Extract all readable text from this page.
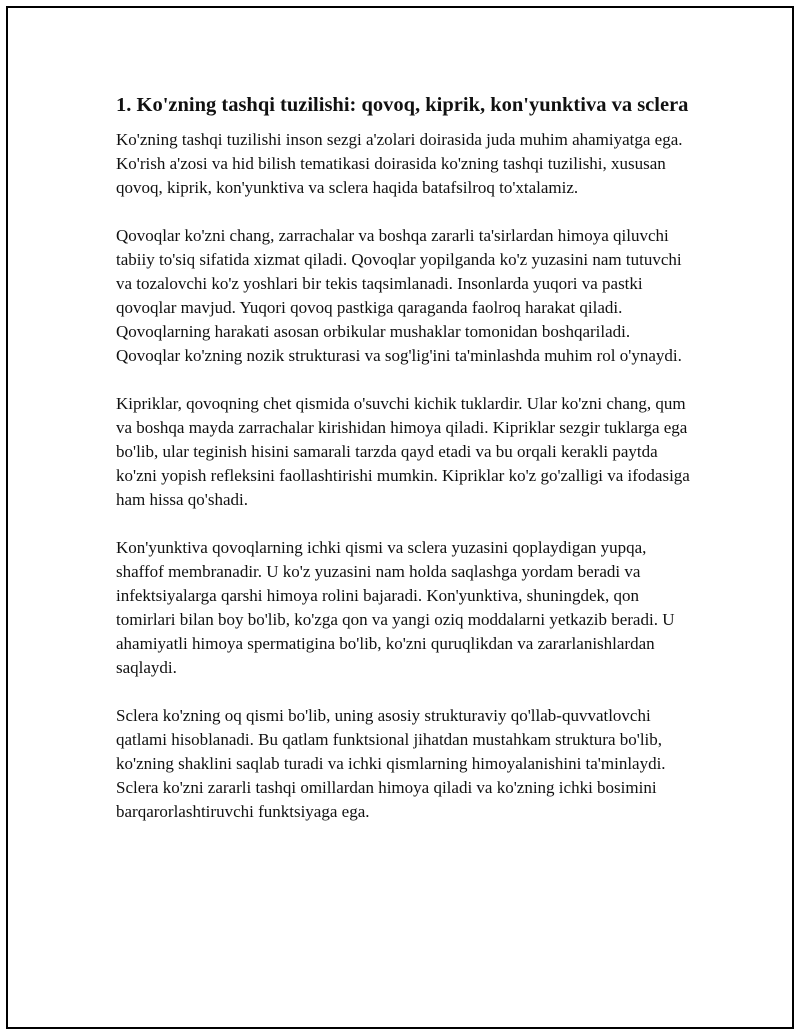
1. Ko'zning tashqi tuzilishi: qovoq, kiprik, kon'yunktiva va sclera

Ko'zning tashqi tuzilishi inson sezgi a'zolari doirasida juda muhim ahamiyatga ega. Ko'rish a'zosi va hid bilish tematikasi doirasida ko'zning tashqi tuzilishi, xususan qovoq, kiprik, kon'yunktiva va sclera haqida batafsilroq to'xtalamiz.

Qovoqlar ko'zni chang, zarrachalar va boshqa zararli ta'sirlardan himoya qiluvchi tabiiy to'siq sifatida xizmat qiladi. Qovoqlar yopilganda ko'z yuzasini nam tutuvchi va tozalovchi ko'z yoshlari bir tekis taqsimlanadi. Insonlarda yuqori va pastki qovoqlar mavjud. Yuqori qovoq pastkiga qaraganda faolroq harakat qiladi. Qovoqlarning harakati asosan orbikular mushaklar tomonidan boshqariladi. Qovoqlar ko'zning nozik strukturasi va sog'lig'ini ta'minlashda muhim rol o'ynaydi.

Kipriklar, qovoqning chet qismida o'suvchi kichik tuklardir. Ular ko'zni chang, qum va boshqa mayda zarrachalar kirishidan himoya qiladi. Kipriklar sezgir tuklarga ega bo'lib, ular teginish hisini samarali tarzda qayd etadi va bu orqali kerakli paytda ko'zni yopish refleksini faollashtirishi mumkin. Kipriklar ko'z go'zalligi va ifodasiga ham hissa qo'shadi.

Kon'yunktiva qovoqlarning ichki qismi va sclera yuzasini qoplaydigan yupqa, shaffof membranadir. U ko'z yuzasini nam holda saqlashga yordam beradi va infektsiyalarga qarshi himoya rolini bajaradi. Kon'yunktiva, shuningdek, qon tomirlari bilan boy bo'lib, ko'zga qon va yangi oziq moddalarni yetkazib beradi. U ahamiyatli himoya spermatigina bo'lib, ko'zni quruqlikdan va zararlanishlardan saqlaydi.

Sclera ko'zning oq qismi bo'lib, uning asosiy strukturaviy qo'llab-quvvatlovchi qatlami hisoblanadi. Bu qatlam funktsional jihatdan mustahkam struktura bo'lib, ko'zning shaklini saqlab turadi va ichki qismlarning himoyalanishini ta'minlaydi. Sclera ko'zni zararli tashqi omillardan himoya qiladi va ko'zning ichki bosimini barqarorlashtiruvchi funktsiyaga ega.
